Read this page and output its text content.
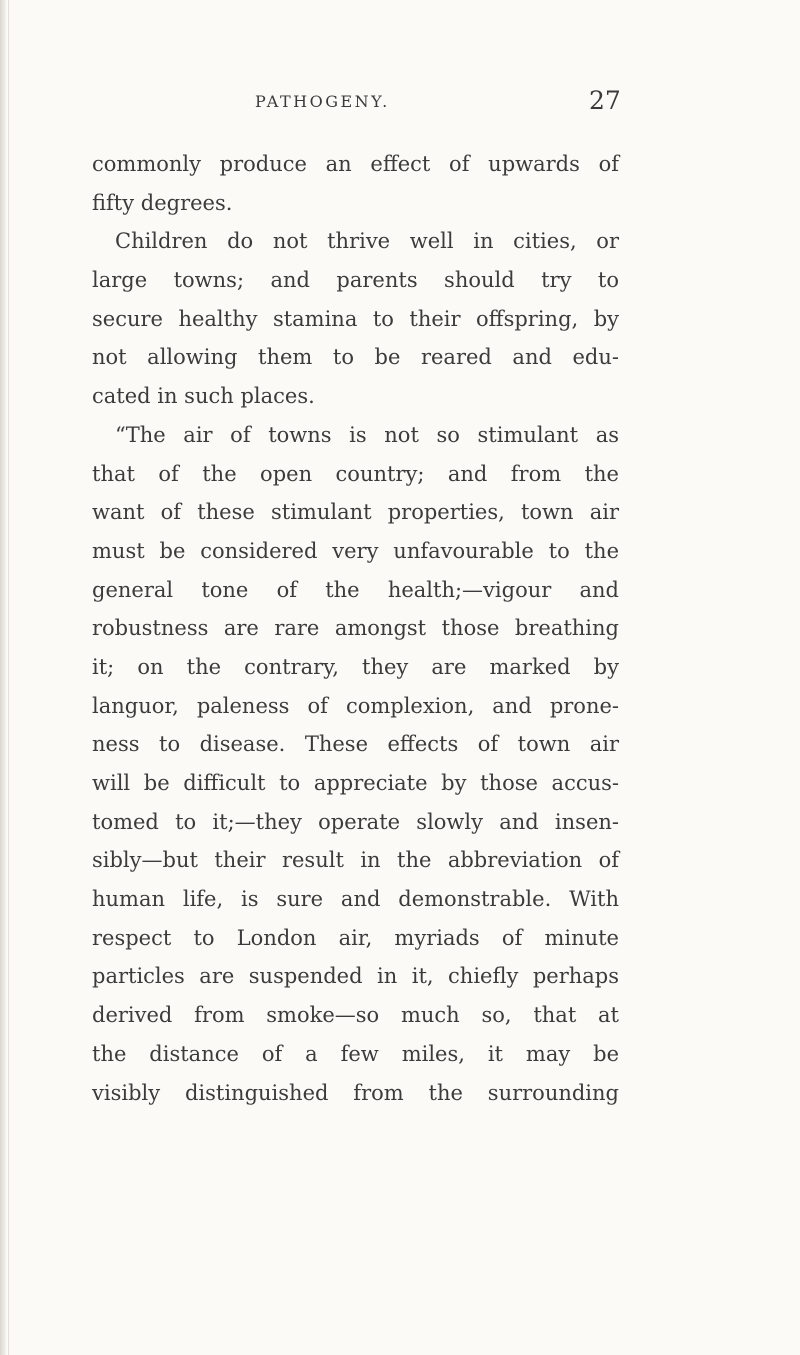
PATHOGENY.	27
commonly produce an effect of upwards of
fifty degrees.
Children do not thrive well in cities, or
large towns; and parents should try to
secure healthy stamina to their offspring, by
not allowing them to be reared and edu-
cated in such places.
“The air of towns is not so stimulant as
that of the open country; and from the
want of these stimulant properties, town air
must be considered very unfavourable to the
general tone of the health;—vigour and
robustness are rare amongst those breathing
it; on the contrary, they are marked by
languor, paleness of complexion, and prone-
ness to disease. These effects of town air
will be difficult to appreciate by those accus-
tomed to it;—they operate slowly and insen-
sibly—but their result in the abbreviation of
human life, is sure and demonstrable. With
respect to London air, myriads of minute
particles are suspended in it, chiefly perhaps
derived from smoke—so much so, that at
the distance of a few miles, it may be
visibly distinguished from the surrounding
